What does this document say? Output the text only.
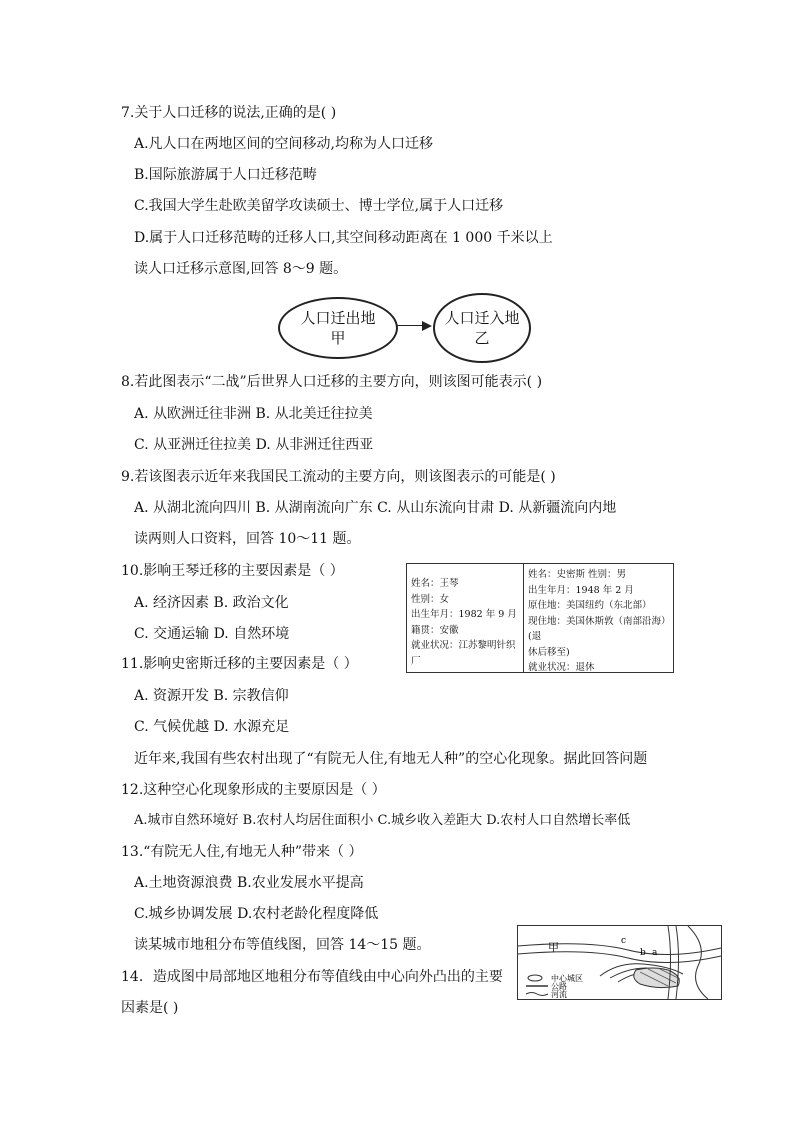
7.关于人口迁移的说法,正确的是( )
A.凡人口在两地区间的空间移动,均称为人口迁移
B.国际旅游属于人口迁移范畴
C.我国大学生赴欧美留学攻读硕士、博士学位,属于人口迁移
D.属于人口迁移范畴的迁移人口,其空间移动距离在 1 000 千米以上
读人口迁移示意图,回答 8～9 题。
人口迁出地
甲
人口迁入地
乙
8.若此图表示“二战”后世界人口迁移的主要方向，则该图可能表示( )
A. 从欧洲迁往非洲 B. 从北美迁往拉美
C. 从亚洲迁往拉美 D. 从非洲迁往西亚
9.若该图表示近年来我国民工流动的主要方向，则该图表示的可能是( )
A. 从湖北流向四川 B. 从湖南流向广东 C. 从山东流向甘肃 D. 从新疆流向内地
读两则人口资料，回答 10～11 题。
10.影响王琴迁移的主要因素是（ ）
A. 经济因素 B. 政治文化
C. 交通运输 D. 自然环境
11.影响史密斯迁移的主要因素是（ ）
A. 资源开发 B. 宗教信仰
C. 气候优越 D. 水源充足
姓名：王琴
性别：女
出生年月：1982 年 9 月
籍贯：安徽
就业状况：江苏黎明针织厂
姓名：史密斯 性别：男
出生年月：1948 年 2 月
原住地：美国纽约（东北部）
现住地：美国休斯敦（南部沿海）(退
休后移至)
就业状况：退休
近年来,我国有些农村出现了“有院无人住,有地无人种”的空心化现象。据此回答问题
12.这种空心化现象形成的主要原因是（ ）
A.城市自然环境好 B.农村人均居住面积小 C.城乡收入差距大 D.农村人口自然增长率低
13.“有院无人住,有地无人种”带来（ ）
A.土地资源浪费 B.农业发展水平提高
C.城乡协调发展 D.农村老龄化程度降低
读某城市地租分布等值线图，回答 14～15 题。
14．造成图中局部地区地租分布等值线由中心向外凸出的主要
因素是( )
甲	c
b a
中心城区
公路
河流
